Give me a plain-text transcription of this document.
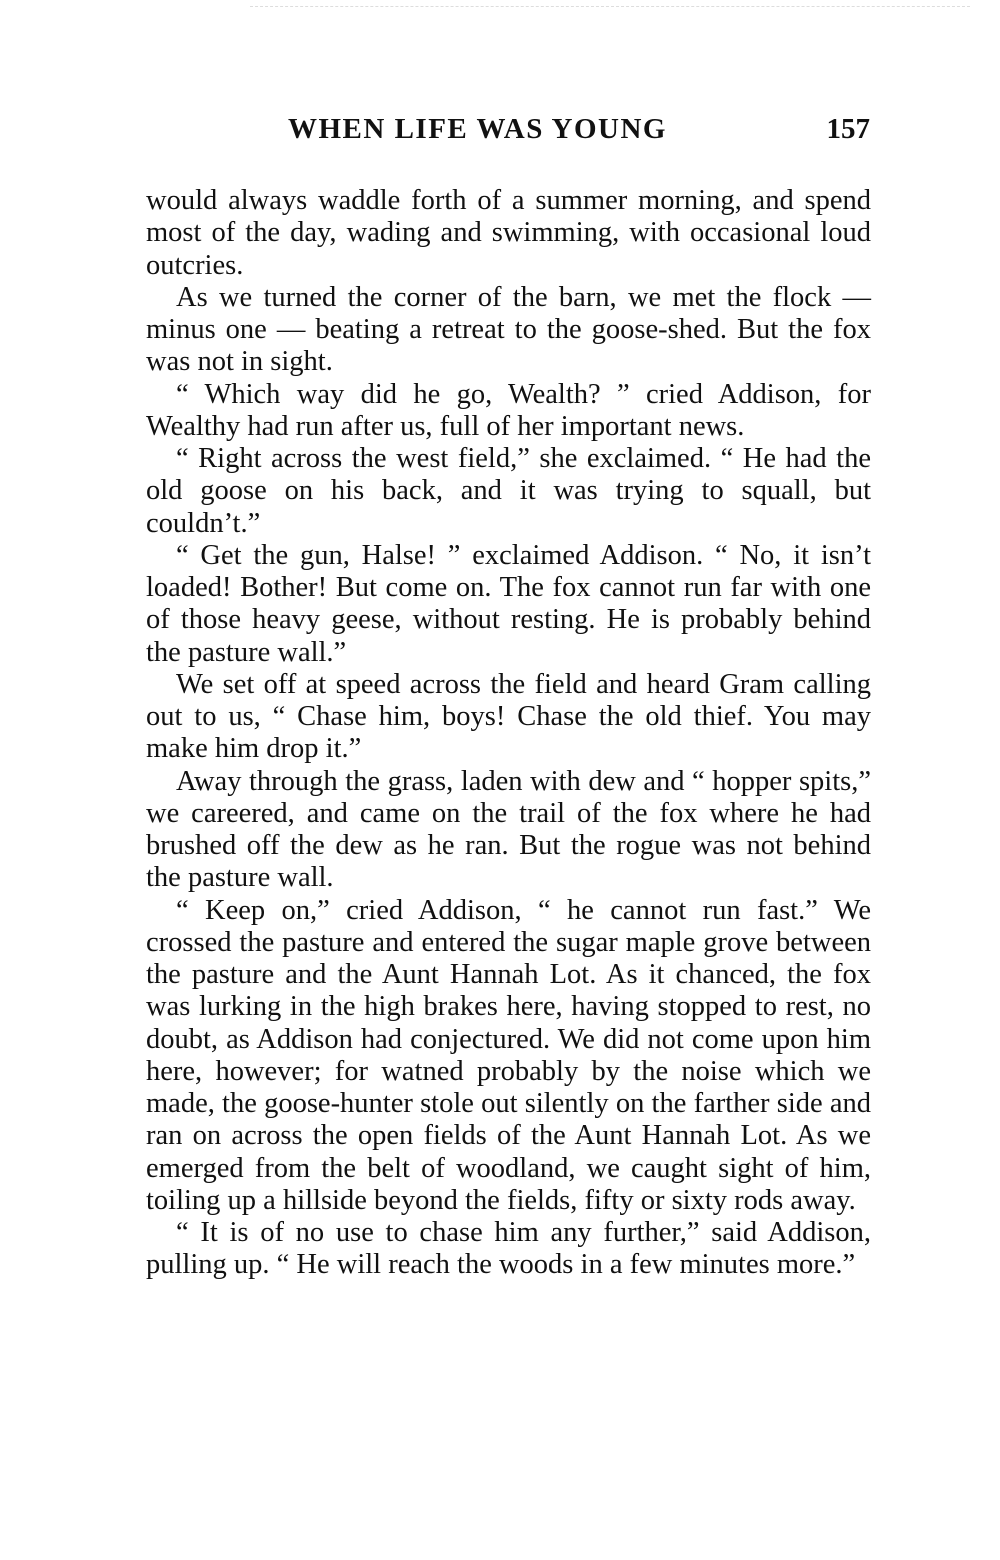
WHEN LIFE WAS YOUNG	157

would always waddle forth of a summer morning, and spend most of the day, wading and swimming, with occasional loud outcries.

As we turned the corner of the barn, we met the flock — minus one — beating a retreat to the goose-shed. But the fox was not in sight.

“ Which way did he go, Wealth? ” cried Addison, for Wealthy had run after us, full of her important news.

“ Right across the west field,” she exclaimed. “ He had the old goose on his back, and it was trying to squall, but couldn’t.”

“ Get the gun, Halse! ” exclaimed Addison. “ No, it isn’t loaded! Bother! But come on. The fox cannot run far with one of those heavy geese, without resting. He is probably behind the pasture wall.”

We set off at speed across the field and heard Gram calling out to us, “ Chase him, boys! Chase the old thief. You may make him drop it.”

Away through the grass, laden with dew and “ hopper spits,” we careered, and came on the trail of the fox where he had brushed off the dew as he ran. But the rogue was not behind the pasture wall.

“ Keep on,” cried Addison, “ he cannot run fast.” We crossed the pasture and entered the sugar maple grove between the pasture and the Aunt Hannah Lot. As it chanced, the fox was lurking in the high brakes here, having stopped to rest, no doubt, as Addison had conjectured. We did not come upon him here, however; for watned probably by the noise which we made, the goose-hunter stole out silently on the farther side and ran on across the open fields of the Aunt Hannah Lot. As we emerged from the belt of woodland, we caught sight of him, toiling up a hillside beyond the fields, fifty or sixty rods away.

“ It is of no use to chase him any further,” said Addison, pulling up. “ He will reach the woods in a few minutes more.”
